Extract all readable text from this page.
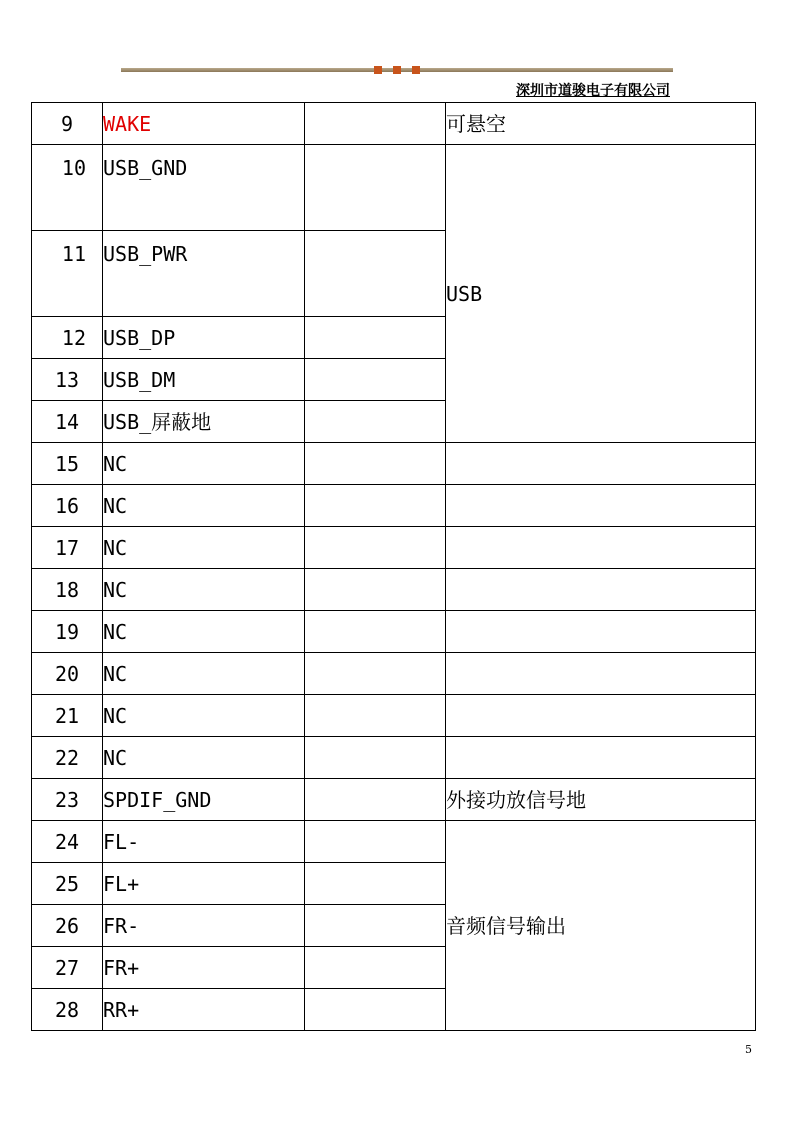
深圳市道骏电子有限公司
9	WAKE		可悬空
10	USB_GND		USB
11	USB_PWR		
12	USB_DP		
13	USB_DM		
14	USB_屏蔽地		
15	NC		
16	NC		
17	NC		
18	NC		
19	NC		
20	NC		
21	NC		
22	NC		
23	SPDIF_GND		外接功放信号地
24	FL-		音频信号输出
25	FL+		
26	FR-		
27	FR+		
28	RR+		
5
